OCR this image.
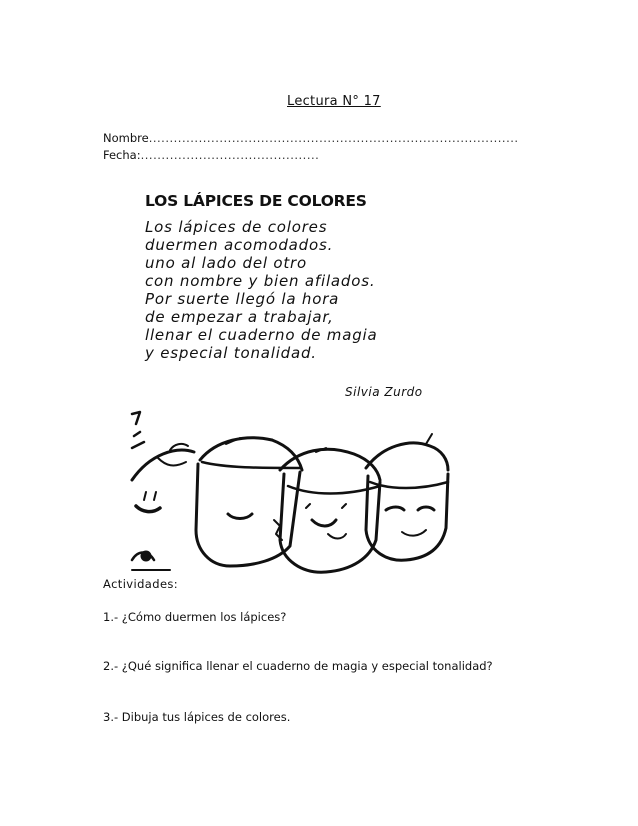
Lectura N° 17
Nombre.........................................................................................
Fecha:...........................................
LOS LÁPICES DE COLORES
Los lápices de colores
duermen acomodados.
uno al lado del otro
con nombre y bien afilados.
Por suerte llegó la hora
de empezar a trabajar,
llenar el cuaderno de magia
y especial tonalidad.
Silvia Zurdo
Actividades:
1.- ¿Cómo duermen los lápices?
2.- ¿Qué significa llenar el cuaderno de magia y especial tonalidad?
3.- Dibuja tus lápices de colores.
